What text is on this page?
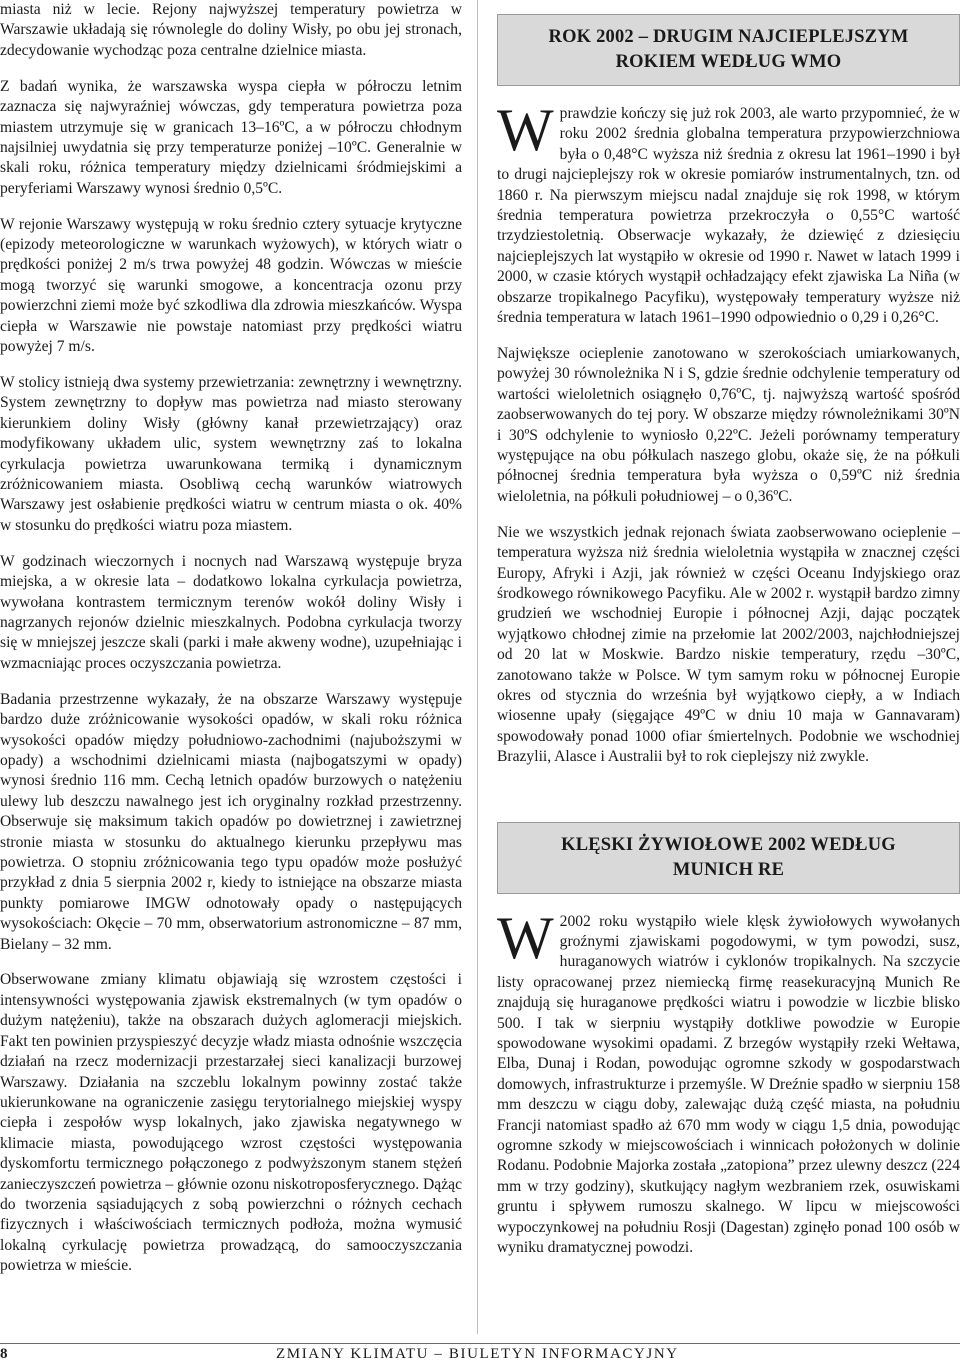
miasta niż w lecie. Rejony najwyższej temperatury powietrza w Warszawie układają się równolegle do doliny Wisły, po obu jej stronach, zdecydowanie wychodząc poza centralne dzielnice miasta.

Z badań wynika, że warszawska wyspa ciepła w półroczu letnim zaznacza się najwyraźniej wówczas, gdy temperatura powietrza poza miastem utrzymuje się w granicach 13–16ºC, a w półroczu chłodnym najsilniej uwydatnia się przy temperaturze poniżej –10ºC. Generalnie w skali roku, różnica temperatury między dzielnicami śródmiejskimi a peryferiami Warszawy wynosi średnio 0,5ºC.

W rejonie Warszawy występują w roku średnio cztery sytuacje krytyczne (epizody meteorologiczne w warunkach wyżowych), w których wiatr o prędkości poniżej 2 m/s trwa powyżej 48 godzin. Wówczas w mieście mogą tworzyć się warunki smogowe, a koncentracja ozonu przy powierzchni ziemi może być szkodliwa dla zdrowia mieszkańców. Wyspa ciepła w Warszawie nie powstaje natomiast przy prędkości wiatru powyżej 7 m/s.

W stolicy istnieją dwa systemy przewietrzania: zewnętrzny i wewnętrzny. System zewnętrzny to dopływ mas powietrza nad miasto sterowany kierunkiem doliny Wisły (główny kanał przewietrzający) oraz modyfikowany układem ulic, system wewnętrzny zaś to lokalna cyrkulacja powietrza uwarunkowana termiką i dynamicznym zróżnicowaniem miasta. Osobliwą cechą warunków wiatrowych Warszawy jest osłabienie prędkości wiatru w centrum miasta o ok. 40% w stosunku do prędkości wiatru poza miastem.

W godzinach wieczornych i nocnych nad Warszawą występuje bryza miejska, a w okresie lata – dodatkowo lokalna cyrkulacja powietrza, wywołana kontrastem termicznym terenów wokół doliny Wisły i nagrzanych rejonów dzielnic mieszkalnych. Podobna cyrkulacja tworzy się w mniejszej jeszcze skali (parki i małe akweny wodne), uzupełniając i wzmacniając proces oczyszczania powietrza.

Badania przestrzenne wykazały, że na obszarze Warszawy występuje bardzo duże zróżnicowanie wysokości opadów, w skali roku różnica wysokości opadów między południowo-zachodnimi (najuboższymi w opady) a wschodnimi dzielnicami miasta (najbogatszymi w opady) wynosi średnio 116 mm. Cechą letnich opadów burzowych o natężeniu ulewy lub deszczu nawalnego jest ich oryginalny rozkład przestrzenny. Obserwuje się maksimum takich opadów po dowietrznej i zawietrznej stronie miasta w stosunku do aktualnego kierunku przepływu mas powietrza. O stopniu zróżnicowania tego typu opadów może posłużyć przykład z dnia 5 sierpnia 2002 r, kiedy to istniejące na obszarze miasta punkty pomiarowe IMGW odnotowały opady o następujących wysokościach: Okęcie – 70 mm, obserwatorium astronomiczne – 87 mm, Bielany – 32 mm.

Obserwowane zmiany klimatu objawiają się wzrostem częstości i intensywności występowania zjawisk ekstremalnych (w tym opadów o dużym natężeniu), także na obszarach dużych aglomeracji miejskich. Fakt ten powinien przyspieszyć decyzje władz miasta odnośnie wszczęcia działań na rzecz modernizacji przestarzałej sieci kanalizacji burzowej Warszawy. Działania na szczeblu lokalnym powinny zostać także ukierunkowane na ograniczenie zasięgu terytorialnego miejskiej wyspy ciepła i zespołów wysp lokalnych, jako zjawiska negatywnego w klimacie miasta, powodującego wzrost częstości występowania dyskomfortu termicznego połączonego z podwyższonym stanem stężeń zanieczyszczeń powietrza – głównie ozonu niskotroposferycznego. Dążąc do tworzenia sąsiadujących z sobą powierzchni o różnych cechach fizycznych i właściwościach termicznych podłoża, można wymusić lokalną cyrkulację powietrza prowadzącą, do samooczyszczania powietrza w mieście.

ROK 2002 – DRUGIM NAJCIEPLEJSZYM
ROKIEM WEDŁUG WMO

Wprawdzie kończy się już rok 2003, ale warto przypomnieć, że w roku 2002 średnia globalna temperatura przypowierzchniowa była o 0,48°C wyższa niż średnia z okresu lat 1961–1990 i był to drugi najcieplejszy rok w okresie pomiarów instrumentalnych, tzn. od 1860 r. Na pierwszym miejscu nadal znajduje się rok 1998, w którym średnia temperatura powietrza przekroczyła o 0,55°C wartość trzydziestoletnią. Obserwacje wykazały, że dziewięć z dziesięciu najcieplejszych lat wystąpiło w okresie od 1990 r. Nawet w latach 1999 i 2000, w czasie których wystąpił ochładzający efekt zjawiska La Niña (w obszarze tropikalnego Pacyfiku), występowały temperatury wyższe niż średnia temperatura w latach 1961–1990 odpowiednio o 0,29 i 0,26°C.

Największe ocieplenie zanotowano w szerokościach umiarkowanych, powyżej 30 równoleżnika N i S, gdzie średnie odchylenie temperatury od wartości wieloletnich osiągnęło 0,76ºC, tj. najwyższą wartość spośród zaobserwowanych do tej pory. W obszarze między równoleżnikami 30ºN i 30ºS odchylenie to wyniosło 0,22ºC. Jeżeli porównamy temperatury występujące na obu półkulach naszego globu, okaże się, że na półkuli północnej średnia temperatura była wyższa o 0,59ºC niż średnia wieloletnia, na półkuli południowej – o 0,36ºC.

Nie we wszystkich jednak rejonach świata zaobserwowano ocieplenie – temperatura wyższa niż średnia wieloletnia wystąpiła w znacznej części Europy, Afryki i Azji, jak również w części Oceanu Indyjskiego oraz środkowego równikowego Pacyfiku. Ale w 2002 r. wystąpił bardzo zimny grudzień we wschodniej Europie i północnej Azji, dając początek wyjątkowo chłodnej zimie na przełomie lat 2002/2003, najchłodniejszej od 20 lat w Moskwie. Bardzo niskie temperatury, rzędu –30ºC, zanotowano także w Polsce. W tym samym roku w północnej Europie okres od stycznia do września był wyjątkowo ciepły, a w Indiach wiosenne upały (sięgające 49ºC w dniu 10 maja w Gannavaram) spowodowały ponad 1000 ofiar śmiertelnych. Podobnie we wschodniej Brazylii, Alasce i Australii był to rok cieplejszy niż zwykle.

KLĘSKI ŻYWIOŁOWE 2002 WEDŁUG
MUNICH RE

W 2002 roku wystąpiło wiele klęsk żywiołowych wywołanych groźnymi zjawiskami pogodowymi, w tym powodzi, susz, huraganowych wiatrów i cyklonów tropikalnych. Na szczycie listy opracowanej przez niemiecką firmę reasekuracyjną Munich Re znajdują się huraganowe prędkości wiatru i powodzie w liczbie blisko 500. I tak w sierpniu wystąpiły dotkliwe powodzie w Europie spowodowane wysokimi opadami. Z brzegów wystąpiły rzeki Wełtawa, Elba, Dunaj i Rodan, powodując ogromne szkody w gospodarstwach domowych, infrastrukturze i przemyśle. W Dreźnie spadło w sierpniu 158 mm deszczu w ciągu doby, zalewając dużą część miasta, na południu Francji natomiast spadło aż 670 mm wody w ciągu 1,5 dnia, powodując ogromne szkody w miejscowościach i winnicach położonych w dolinie Rodanu. Podobnie Majorka została „zatopiona” przez ulewny deszcz (224 mm w trzy godziny), skutkujący nagłym wezbraniem rzek, osuwiskami gruntu i spływem rumoszu skalnego. W lipcu w miejscowości wypoczynkowej na południu Rosji (Dagestan) zginęło ponad 100 osób w wyniku dramatycznej powodzi.

8	ZMIANY KLIMATU – BIULETYN INFORMACYJNY
